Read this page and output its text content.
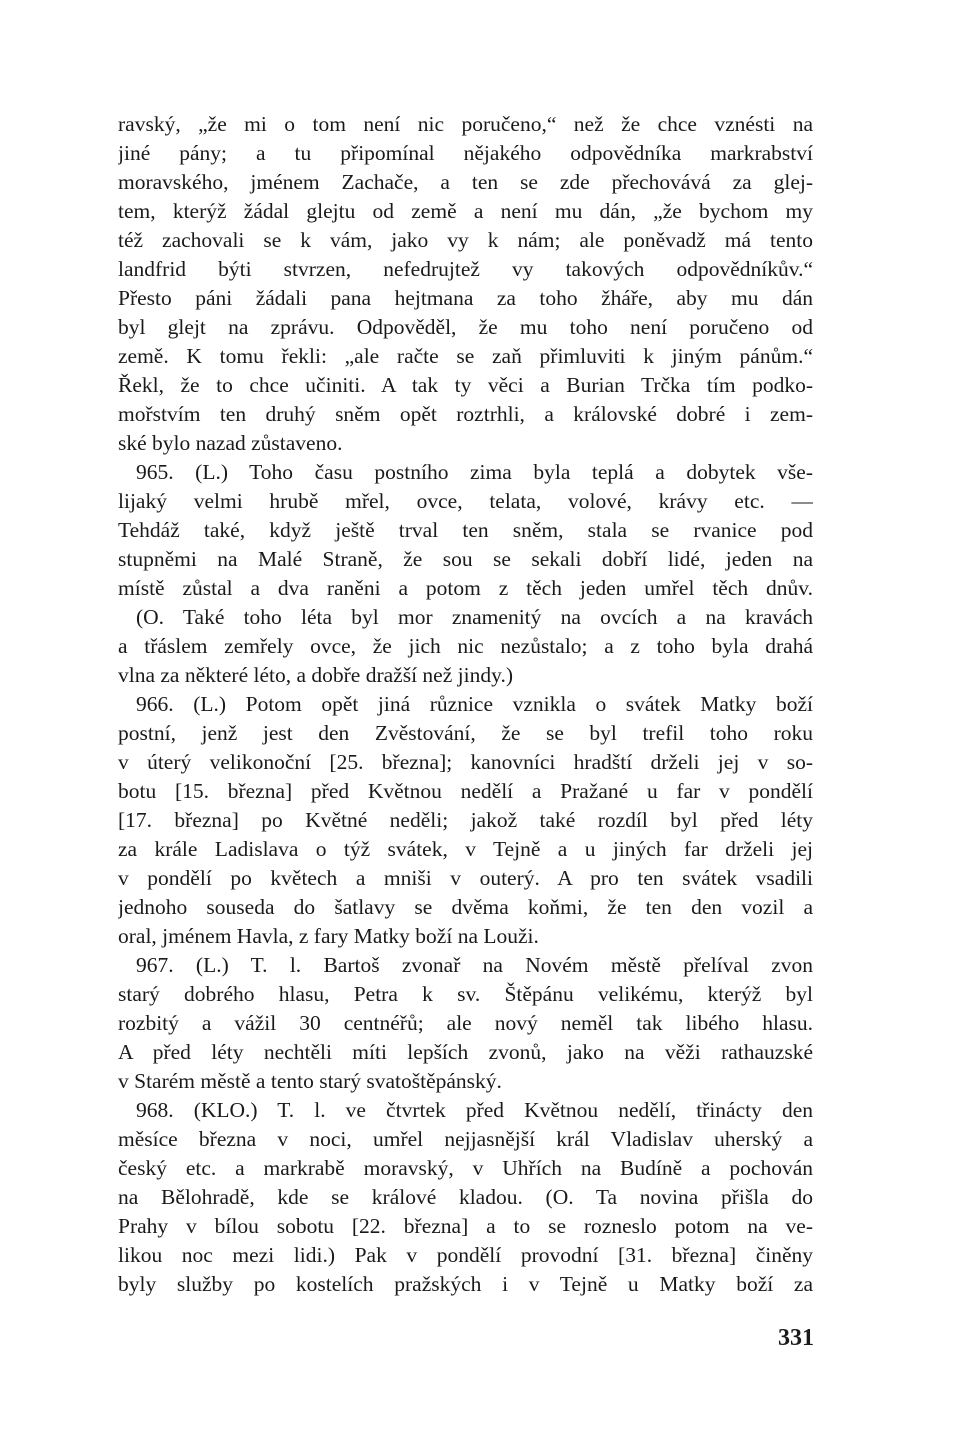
ravský, „že mi o tom není nic poručeno,“ než že chce vznésti na
jiné pány; a tu připomínal nějakého odpovědníka markrabství
moravského, jménem Zachače, a ten se zde přechovává za glej-
tem, kterýž žádal glejtu od země a není mu dán, „že bychom my
též zachovali se k vám, jako vy k nám; ale poněvadž má tento
landfrid býti stvrzen, nefedrujtež vy takových odpovědníkův.“
Přesto páni žádali pana hejtmana za toho žháře, aby mu dán
byl glejt na zprávu. Odpověděl, že mu toho není poručeno od
země. K tomu řekli: „ale račte se zaň přimluviti k jiným pánům.“
Řekl, že to chce učiniti. A tak ty věci a Burian Trčka tím podko-
mořstvím ten druhý sněm opět roztrhli, a královské dobré i zem-
ské bylo nazad zůstaveno.
965. (L.) Toho času postního zima byla teplá a dobytek vše-
lijaký velmi hrubě mřel, ovce, telata, volové, krávy etc. —
Tehdáž také, když ještě trval ten sněm, stala se rvanice pod
stupněmi na Malé Straně, že sou se sekali dobří lidé, jeden na
místě zůstal a dva raněni a potom z těch jeden umřel těch dnův.
(O. Také toho léta byl mor znamenitý na ovcích a na kravách
a třáslem zemřely ovce, že jich nic nezůstalo; a z toho byla drahá
vlna za některé léto, a dobře dražší než jindy.)
966. (L.) Potom opět jiná různice vznikla o svátek Matky boží
postní, jenž jest den Zvěstování, že se byl trefil toho roku
v úterý velikonoční [25. března]; kanovníci hradští drželi jej v so-
botu [15. března] před Květnou nedělí a Pražané u far v pondělí
[17. března] po Květné neděli; jakož také rozdíl byl před léty
za krále Ladislava o týž svátek, v Tejně a u jiných far drželi jej
v pondělí po květech a mniši v outerý. A pro ten svátek vsadili
jednoho souseda do šatlavy se dvěma koňmi, že ten den vozil a
oral, jménem Havla, z fary Matky boží na Louži.
967. (L.) T. l. Bartoš zvonař na Novém městě přelíval zvon
starý dobrého hlasu, Petra k sv. Štěpánu velikému, kterýž byl
rozbitý a vážil 30 centnéřů; ale nový neměl tak libého hlasu.
A před léty nechtěli míti lepších zvonů, jako na věži rathauzské
v Starém městě a tento starý svatoštěpánský.
968. (KLO.) T. l. ve čtvrtek před Květnou nedělí, třinácty den
měsíce března v noci, umřel nejjasnější král Vladislav uherský a
český etc. a markrabě moravský, v Uhřích na Budíně a pochován
na Bělohradě, kde se králové kladou. (O. Ta novina přišla do
Prahy v bílou sobotu [22. března] a to se rozneslo potom na ve-
likou noc mezi lidi.) Pak v pondělí provodní [31. března] činěny
byly služby po kostelích pražských i v Tejně u Matky boží za
331
